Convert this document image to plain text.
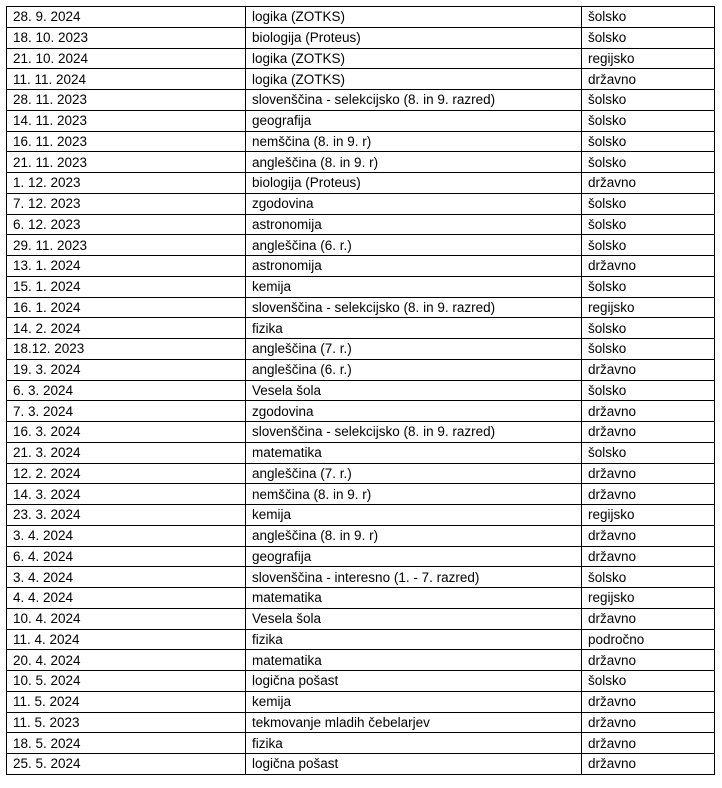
28. 9. 2024	logika (ZOTKS)	šolsko
18. 10. 2023	biologija (Proteus)	šolsko
21. 10. 2024	logika (ZOTKS)	regijsko
11. 11. 2024	logika (ZOTKS)	državno
28. 11. 2023	slovenščina - selekcijsko (8. in 9. razred)	šolsko
14. 11. 2023	geografija	šolsko
16. 11. 2023	nemščina (8. in 9. r)	šolsko
21. 11. 2023	angleščina (8. in 9. r)	šolsko
1. 12. 2023	biologija (Proteus)	državno
7. 12. 2023	zgodovina	šolsko
6. 12. 2023	astronomija	šolsko
29. 11. 2023	angleščina (6. r.)	šolsko
13. 1. 2024	astronomija	državno
15. 1. 2024	kemija	šolsko
16. 1. 2024	slovenščina - selekcijsko (8. in 9. razred)	regijsko
14. 2. 2024	fizika	šolsko
18.12. 2023	angleščina (7. r.)	šolsko
19. 3. 2024	angleščina (6. r.)	državno
6. 3. 2024	Vesela šola	šolsko
7. 3. 2024	zgodovina	državno
16. 3. 2024	slovenščina - selekcijsko (8. in 9. razred)	državno
21. 3. 2024	matematika	šolsko
12. 2. 2024	angleščina (7. r.)	državno
14. 3. 2024	nemščina (8. in 9. r)	državno
23. 3. 2024	kemija	regijsko
3. 4. 2024	angleščina (8. in 9. r)	državno
6. 4. 2024	geografija	državno
3. 4. 2024	slovenščina - interesno (1. - 7. razred)	šolsko
4. 4. 2024	matematika	regijsko
10. 4. 2024	Vesela šola	državno
11. 4. 2024	fizika	področno
20. 4. 2024	matematika	državno
10. 5. 2024	logična pošast	šolsko
11. 5. 2024	kemija	državno
11. 5. 2023	tekmovanje mladih čebelarjev	državno
18. 5. 2024	fizika	državno
25. 5. 2024	logična pošast	državno
